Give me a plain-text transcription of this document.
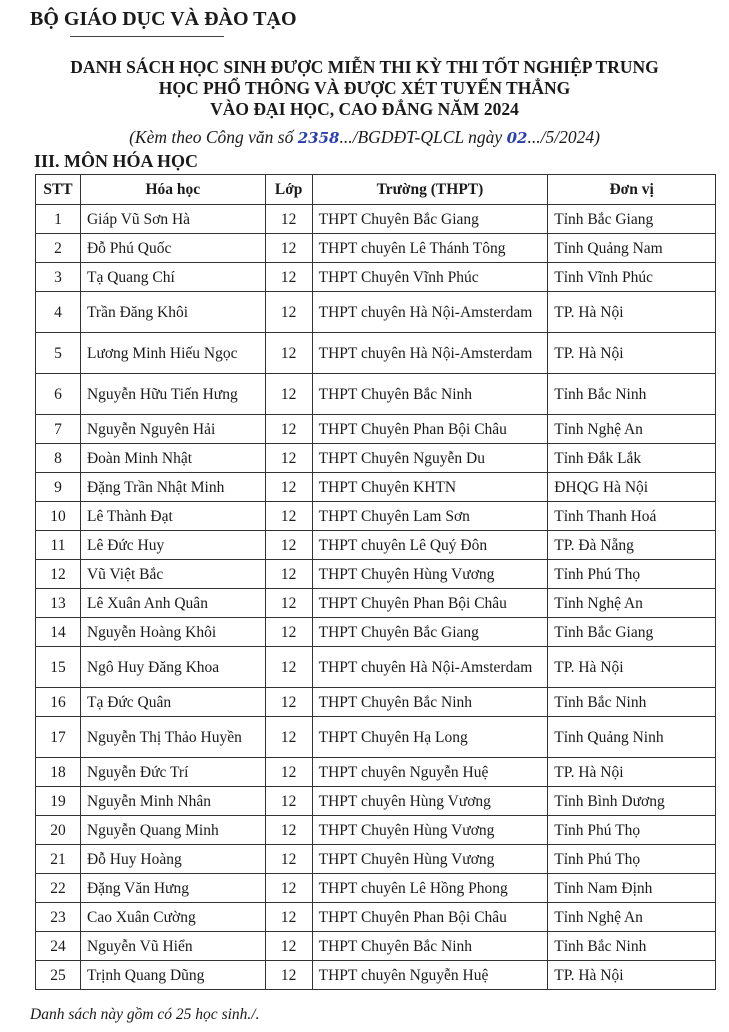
BỘ GIÁO DỤC VÀ ĐÀO TẠO
DANH SÁCH HỌC SINH ĐƯỢC MIỄN THI KỲ THI TỐT NGHIỆP TRUNG
HỌC PHỔ THÔNG VÀ ĐƯỢC XÉT TUYỂN THẲNG
VÀO ĐẠI HỌC, CAO ĐẲNG NĂM 2024
(Kèm theo Công văn số 2358.../BGDĐT-QLCL ngày 02.../5/2024)
III. MÔN HÓA HỌC
STT	Hóa học	Lớp	Trường (THPT)	Đơn vị
1	Giáp Vũ Sơn Hà	12	THPT Chuyên Bắc Giang	Tỉnh Bắc Giang
2	Đỗ Phú Quốc	12	THPT chuyên Lê Thánh Tông	Tỉnh Quảng Nam
3	Tạ Quang Chí	12	THPT Chuyên Vĩnh Phúc	Tỉnh Vĩnh Phúc
4	Trần Đăng Khôi	12	THPT chuyên Hà Nội-Amsterdam	TP. Hà Nội
5	Lương Minh Hiếu Ngọc	12	THPT chuyên Hà Nội-Amsterdam	TP. Hà Nội
6	Nguyễn Hữu Tiến Hưng	12	THPT Chuyên Bắc Ninh	Tỉnh Bắc Ninh
7	Nguyễn Nguyên Hải	12	THPT Chuyên Phan Bội Châu	Tỉnh Nghệ An
8	Đoàn Minh Nhật	12	THPT Chuyên Nguyễn Du	Tỉnh Đắk Lắk
9	Đặng Trần Nhật Minh	12	THPT Chuyên KHTN	ĐHQG Hà Nội
10	Lê Thành Đạt	12	THPT Chuyên Lam Sơn	Tỉnh Thanh Hoá
11	Lê Đức Huy	12	THPT chuyên Lê Quý Đôn	TP. Đà Nẵng
12	Vũ Việt Bắc	12	THPT Chuyên Hùng Vương	Tỉnh Phú Thọ
13	Lê Xuân Anh Quân	12	THPT Chuyên Phan Bội Châu	Tỉnh Nghệ An
14	Nguyễn Hoàng Khôi	12	THPT Chuyên Bắc Giang	Tỉnh Bắc Giang
15	Ngô Huy Đăng Khoa	12	THPT chuyên Hà Nội-Amsterdam	TP. Hà Nội
16	Tạ Đức Quân	12	THPT Chuyên Bắc Ninh	Tỉnh Bắc Ninh
17	Nguyễn Thị Thảo Huyền	12	THPT Chuyên Hạ Long	Tỉnh Quảng Ninh
18	Nguyễn Đức Trí	12	THPT chuyên Nguyễn Huệ	TP. Hà Nội
19	Nguyễn Minh Nhân	12	THPT chuyên Hùng Vương	Tỉnh Bình Dương
20	Nguyễn Quang Minh	12	THPT Chuyên Hùng Vương	Tỉnh Phú Thọ
21	Đỗ Huy Hoàng	12	THPT Chuyên Hùng Vương	Tỉnh Phú Thọ
22	Đặng Văn Hưng	12	THPT chuyên Lê Hồng Phong	Tỉnh Nam Định
23	Cao Xuân Cường	12	THPT Chuyên Phan Bội Châu	Tỉnh Nghệ An
24	Nguyễn Vũ Hiển	12	THPT Chuyên Bắc Ninh	Tỉnh Bắc Ninh
25	Trịnh Quang Dũng	12	THPT chuyên Nguyễn Huệ	TP. Hà Nội
Danh sách này gồm có 25 học sinh./.
